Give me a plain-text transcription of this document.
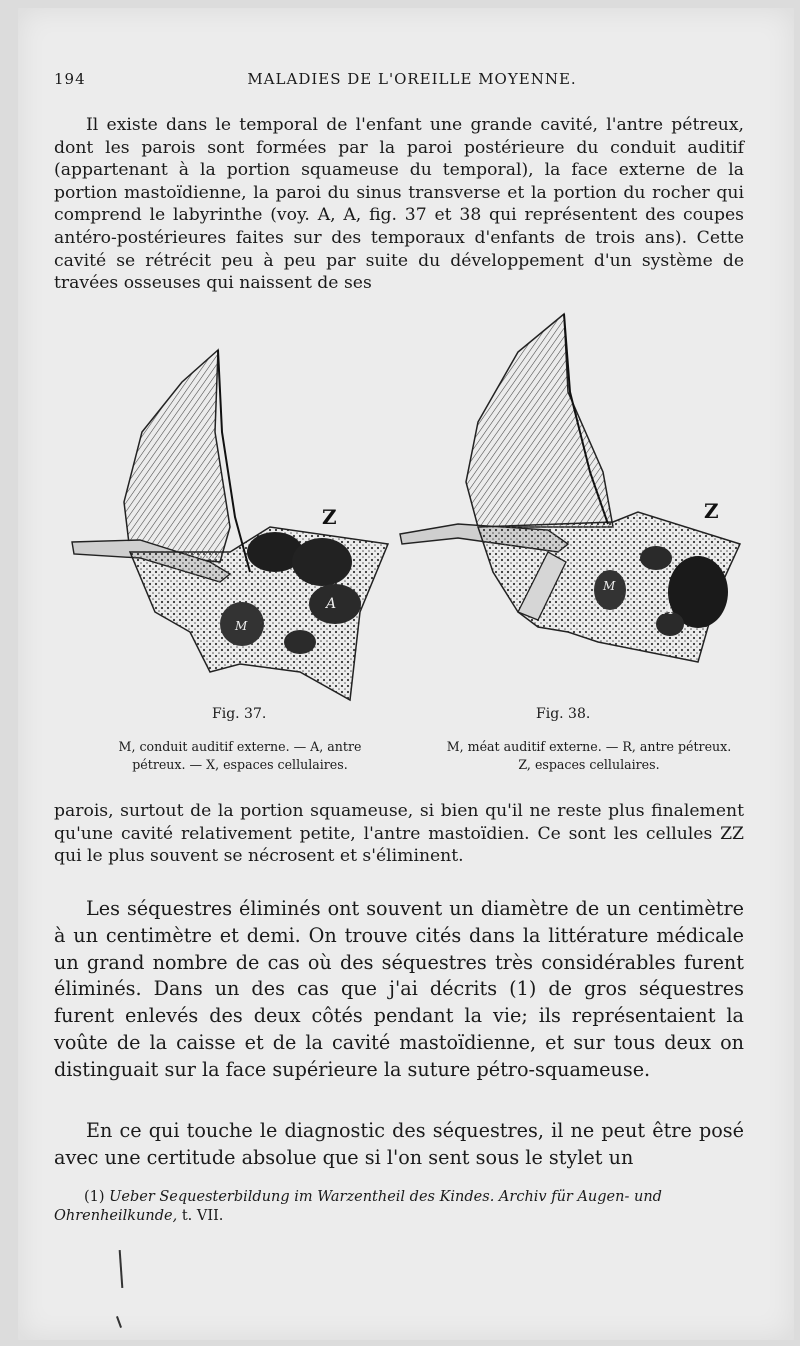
194	MALADIES DE L'OREILLE MOYENNE.

Il existe dans le temporal de l'enfant une grande cavité, l'antre pétreux, dont les parois sont formées par la paroi postérieure du conduit auditif (appartenant à la portion squameuse du temporal), la face externe de la portion mastoïdienne, la paroi du sinus transverse et la portion du rocher qui comprend le labyrinthe (voy. A, A, fig. 37 et 38 qui représentent des coupes antéro-postérieures faites sur des temporaux d'enfants de trois ans). Cette cavité se rétrécit peu à peu par suite du développement d'un système de travées osseuses qui naissent de ses

Z
A
M
Z
A
M
Fig. 37.	Fig. 38.
M, conduit auditif externe. — A, antre
pétreux. — X, espaces cellulaires.
M, méat auditif externe. — R, antre pétreux.
Z, espaces cellulaires.

parois, surtout de la portion squameuse, si bien qu'il ne reste plus finalement qu'une cavité relativement petite, l'antre mastoïdien. Ce sont les cellules ZZ qui le plus souvent se nécrosent et s'éliminent.

Les séquestres éliminés ont souvent un diamètre de un centimètre à un centimètre et demi. On trouve cités dans la littérature médicale un grand nombre de cas où des séquestres très considérables furent éliminés. Dans un des cas que j'ai décrits (1) de gros séquestres furent enlevés des deux côtés pendant la vie; ils représentaient la voûte de la caisse et de la cavité mastoïdienne, et sur tous deux on distinguait sur la face supérieure la suture pétro-squameuse.

En ce qui touche le diagnostic des séquestres, il ne peut être posé avec une certitude absolue que si l'on sent sous le stylet un

(1) Ueber Sequesterbildung im Warzentheil des Kindes. Archiv für Augen- und Ohrenheilkunde, t. VII.
